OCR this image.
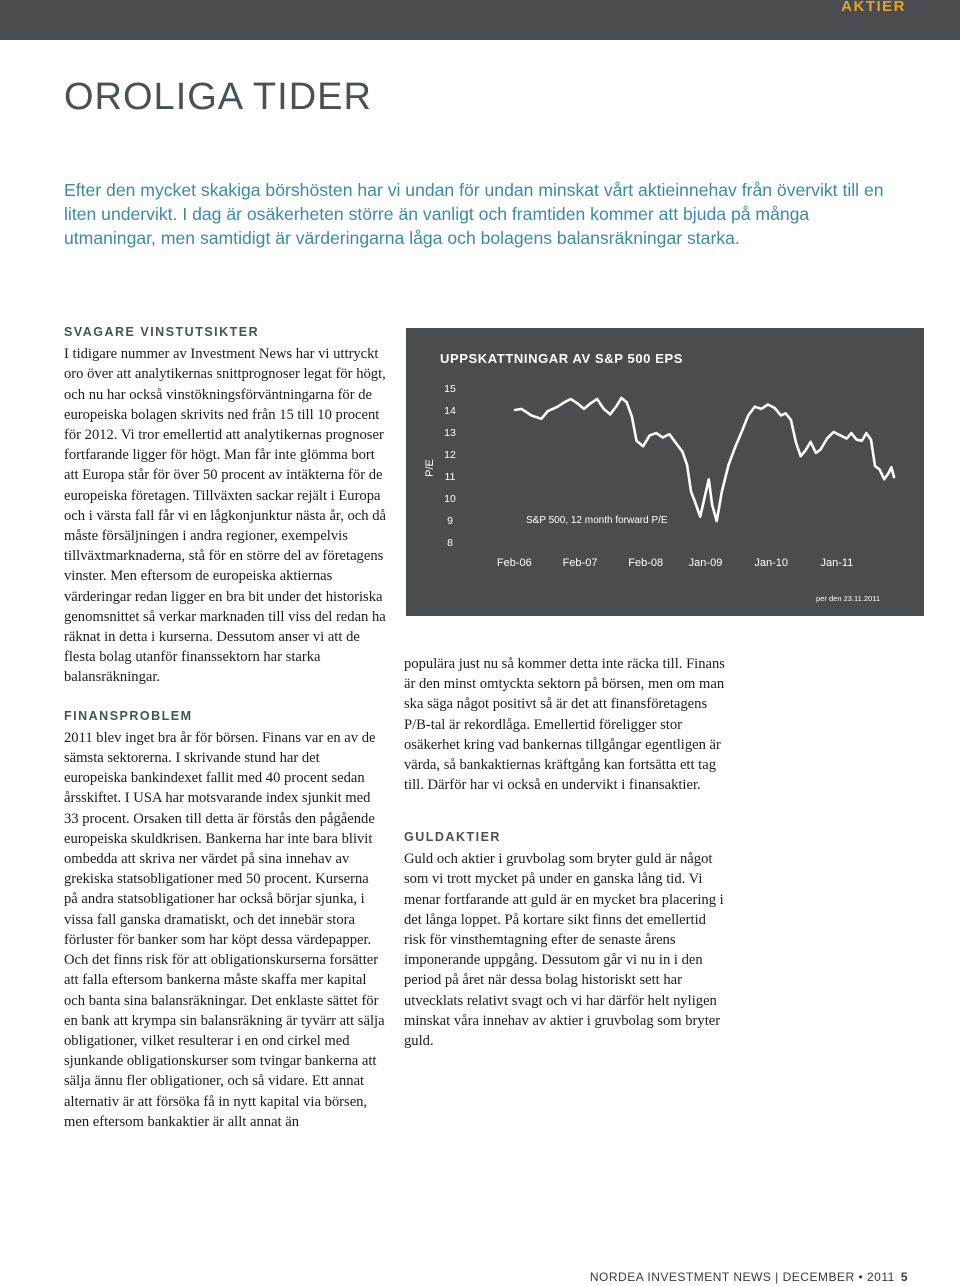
AKTIER
OROLIGA TIDER

Efter den mycket skakiga börshösten har vi undan för undan minskat vårt aktieinnehav från övervikt till en liten undervikt. I dag är osäkerheten större än vanligt och framtiden kommer att bjuda på många utmaningar, men samtidigt är värderingarna låga och bolagens balansräkningar starka.

SVAGARE VINSTUTSIKTER

I tidigare nummer av Investment News har vi uttryckt oro över att analytikernas snittprognoser legat för högt, och nu har också vinstökningsförväntningarna för de europeiska bolagen skrivits ned från 15 till 10 procent för 2012. Vi tror emellertid att analytikernas prognoser fortfarande ligger för högt. Man får inte glömma bort att Europa står för över 50 procent av intäkterna för de europeiska företagen. Tillväxten sackar rejält i Europa och i värsta fall får vi en lågkonjunktur nästa år, och då måste försäljningen i andra regioner, exempelvis tillväxtmarknaderna, stå för en större del av företagens vinster. Men eftersom de europeiska aktiernas värderingar redan ligger en bra bit under det historiska genomsnittet så verkar marknaden till viss del redan ha räknat in detta i kurserna. Dessutom anser vi att de flesta bolag utanför finanssektorn har starka balansräkningar.

FINANSPROBLEM

2011 blev inget bra år för börsen. Finans var en av de sämsta sektorerna. I skrivande stund har det europeiska bankindexet fallit med 40 procent sedan årsskiftet. I USA har motsvarande index sjunkit med 33 procent. Orsaken till detta är förstås den pågående europeiska skuldkrisen. Bankerna har inte bara blivit ombedda att skriva ner värdet på sina innehav av grekiska statsobligationer med 50 procent. Kurserna på andra statsobligationer har också börjar sjunka, i vissa fall ganska dramatiskt, och det innebär stora förluster för banker som har köpt dessa värdepapper. Och det finns risk för att obligationskurserna forsätter att falla eftersom bankerna måste skaffa mer kapital och banta sina balansräkningar. Det enklaste sättet för en bank att krympa sin balansräkning är tyvärr att sälja obligationer, vilket resulterar i en ond cirkel med sjunkande obligationskurser som tvingar bankerna att sälja ännu fler obligationer, och så vidare. Ett annat alternativ är att försöka få in nytt kapital via börsen, men eftersom bankaktier är allt annat än

UPPSKATTNINGAR AV S&P 500 EPS
P/E
15
14
13
12
11
10
9
8
Feb-06	Feb-07	Feb-08 Jan-09	Jan-10	Jan-11
S&P 500, 12 month forward P/E
per den 23.11.2011

populära just nu så kommer detta inte räcka till. Finans är den minst omtyckta sektorn på börsen, men om man ska säga något positivt så är det att finansföretagens P/B-tal är rekordlåga. Emellertid föreligger stor osäkerhet kring vad bankernas tillgångar egentligen är värda, så bankaktiernas kräftgång kan fortsätta ett tag till. Därför har vi också en undervikt i finansaktier.

GULDAKTIER

Guld och aktier i gruvbolag som bryter guld är något som vi trott mycket på under en ganska lång tid. Vi menar fortfarande att guld är en mycket bra placering i det långa loppet. På kortare sikt finns det emellertid risk för vinsthemtagning efter de senaste årens imponerande uppgång. Dessutom går vi nu in i den period på året när dessa bolag historiskt sett har utvecklats relativt svagt och vi har därför helt nyligen minskat våra innehav av aktier i gruvbolag som bryter guld.

NORDEA INVESTMENT NEWS | DECEMBER • 2011 5
